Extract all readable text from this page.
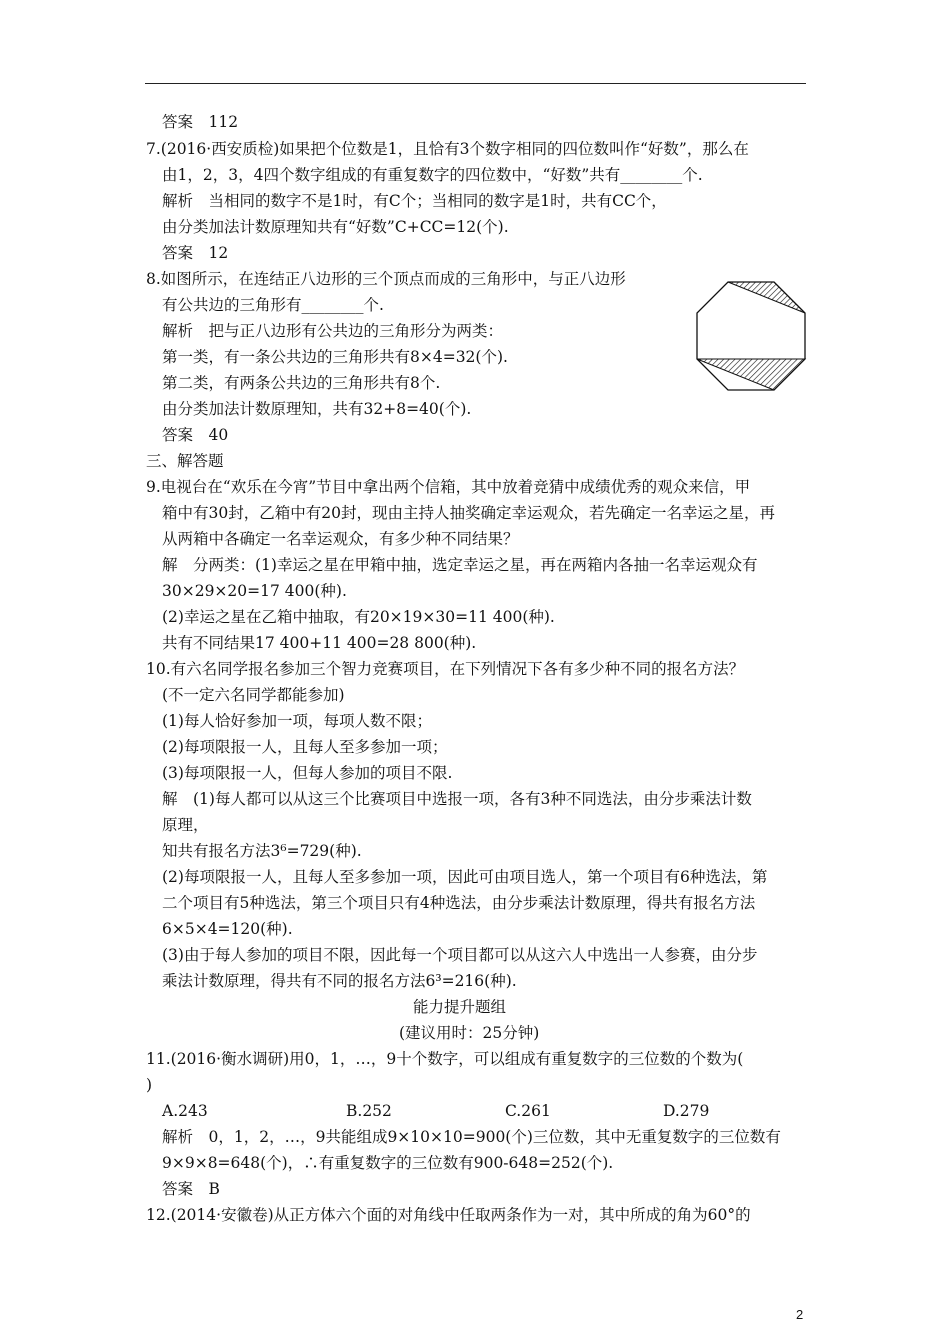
答案　112
7.(2016·西安质检)如果把个位数是1，且恰有3个数字相同的四位数叫作“好数”，那么在
由1，2，3，4四个数字组成的有重复数字的四位数中，“好数”共有________个.
解析　当相同的数字不是1时，有C个；当相同的数字是1时，共有CC个，
由分类加法计数原理知共有“好数”C+CC=12(个).
答案　12
8.如图所示，在连结正八边形的三个顶点而成的三角形中，与正八边形
有公共边的三角形有________个.
解析　把与正八边形有公共边的三角形分为两类：
第一类，有一条公共边的三角形共有8×4=32(个).
第二类，有两条公共边的三角形共有8个.
由分类加法计数原理知，共有32+8=40(个).
答案　40
三、解答题
9.电视台在“欢乐在今宵”节目中拿出两个信箱，其中放着竞猜中成绩优秀的观众来信，甲
箱中有30封，乙箱中有20封，现由主持人抽奖确定幸运观众，若先确定一名幸运之星，再
从两箱中各确定一名幸运观众，有多少种不同结果？
解　分两类：(1)幸运之星在甲箱中抽，选定幸运之星，再在两箱内各抽一名幸运观众有
30×29×20=17 400(种).
(2)幸运之星在乙箱中抽取，有20×19×30=11 400(种).
共有不同结果17 400+11 400=28 800(种).
10.有六名同学报名参加三个智力竞赛项目，在下列情况下各有多少种不同的报名方法？
(不一定六名同学都能参加)
(1)每人恰好参加一项，每项人数不限；
(2)每项限报一人，且每人至多参加一项；
(3)每项限报一人，但每人参加的项目不限.
解　(1)每人都可以从这三个比赛项目中选报一项，各有3种不同选法，由分步乘法计数
原理，
知共有报名方法3⁶=729(种).
(2)每项限报一人，且每人至多参加一项，因此可由项目选人，第一个项目有6种选法，第
二个项目有5种选法，第三个项目只有4种选法，由分步乘法计数原理，得共有报名方法
6×5×4=120(种).
(3)由于每人参加的项目不限，因此每一个项目都可以从这六人中选出一人参赛，由分步
乘法计数原理，得共有不同的报名方法6³=216(种).
能力提升题组
(建议用时：25分钟)
11.(2016·衡水调研)用0，1，…，9十个数字，可以组成有重复数字的三位数的个数为(
)
A.243	B.252	C.261	D.279
解析　0，1，2，…，9共能组成9×10×10=900(个)三位数，其中无重复数字的三位数有
9×9×8=648(个)，∴有重复数字的三位数有900-648=252(个).
答案　B
12.(2014·安徽卷)从正方体六个面的对角线中任取两条作为一对，其中所成的角为60°的
2
